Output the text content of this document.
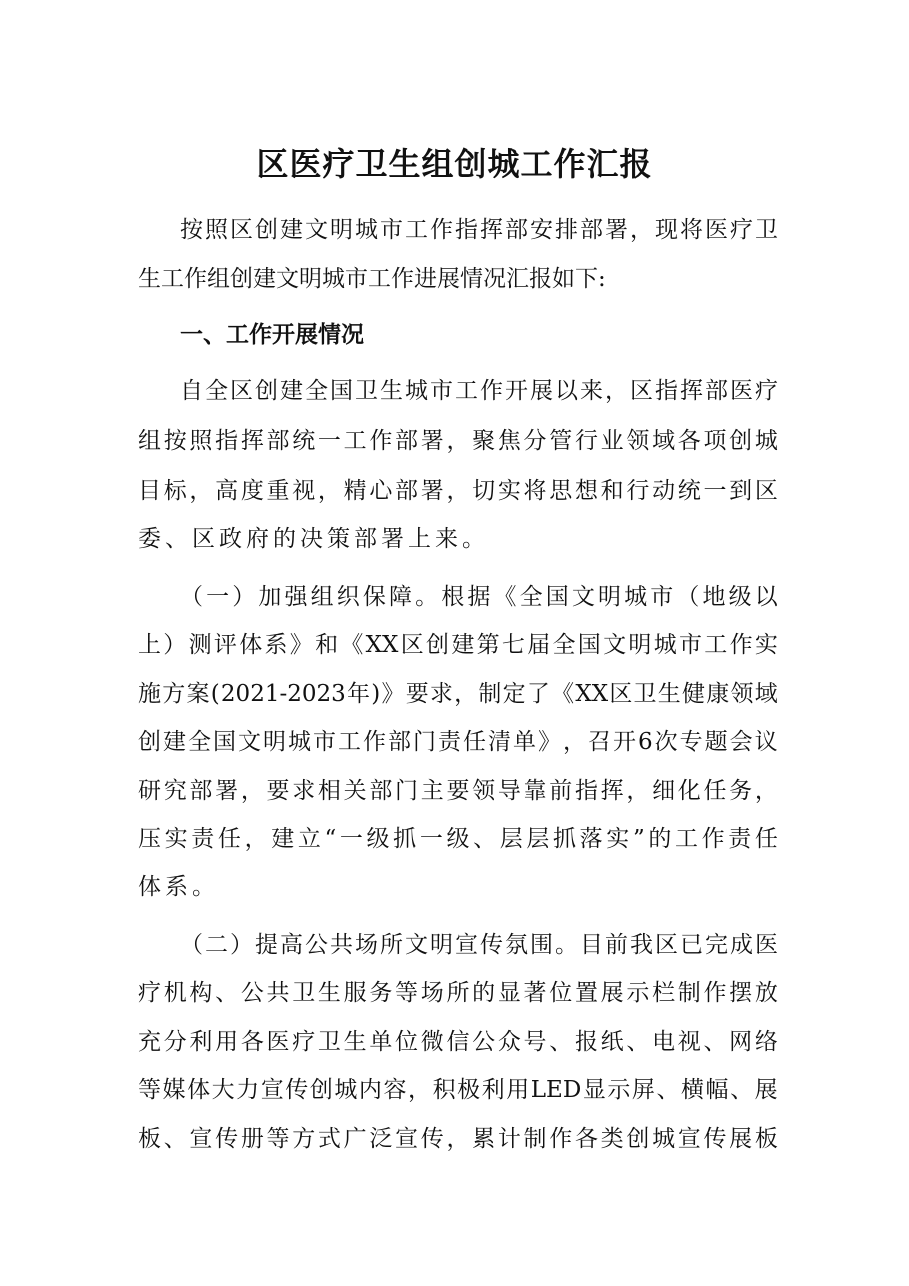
区医疗卫生组创城工作汇报
按 照 区 创 建 文 明 城 市 工 作 指 挥 部 安 排 部 署 ， 现 将 医 疗 卫
生工作组创建文明城市工作进展情况汇报如下:
一、工作开展情况
自 全 区 创 建 全 国 卫 生 城 市 工 作 开 展 以 来 ， 区 指 挥 部 医 疗
组 按 照 指 挥 部 统 一 工 作 部 署 ， 聚 焦 分 管 行 业 领 域 各 项 创 城
目 标 ， 高 度 重 视 ， 精 心 部 署 ， 切 实 将 思 想 和 行 动 统 一 到 区
委、区政府的决策部署上来。
（ 一 ） 加 强 组 织 保 障 。 根 据 《 全 国 文 明 城 市 （ 地 级 以
上 ） 测 评 体 系 》 和 《 XX 区 创 建 第 七 届 全 国 文 明 城 市 工 作 实
施 方 案 ( 2021-2023 年 ) 》 要 求 ， 制 定 了 《 XX 区 卫 生 健 康 领 域
创 建 全 国 文 明 城 市 工 作 部 门 责 任 清 单 》 ， 召 开 6 次 专 题 会 议
研 究 部 署 ， 要 求 相 关 部 门 主 要 领 导 靠 前 指 挥 ， 细 化 任 务 ，
压 实 责 任 ， 建 立 “ 一 级 抓 一 级 、 层 层 抓 落 实 ” 的 工 作 责 任
体系。
（ 二 ） 提 高 公 共 场 所 文 明 宣 传 氛 围 。 目 前 我 区 已 完 成 医
疗 机 构 、 公 共 卫 生 服 务 等 场 所 的 显 著 位 置 展 示 栏 制 作 摆 放
充 分 利 用 各 医 疗 卫 生 单 位 微 信 公 众 号 、 报 纸 、 电 视 、 网 络
等 媒 体 大 力 宣 传 创 城 内 容 ， 积 极 利 用 LED 显 示 屏 、 横 幅 、 展
板 、 宣 传 册 等 方 式 广 泛 宣 传 ， 累 计 制 作 各 类 创 城 宣 传 展 板
